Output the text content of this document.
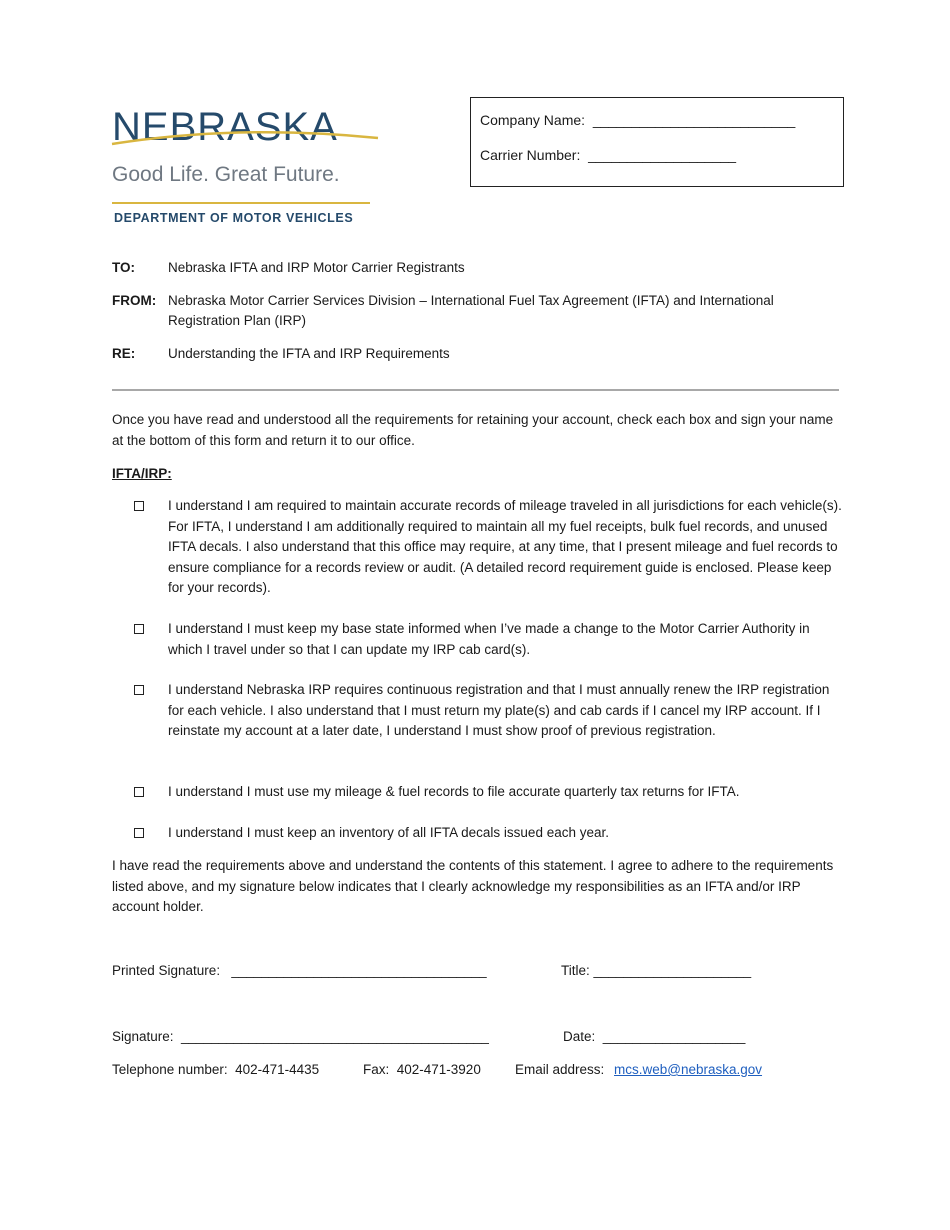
NEBRASKA
Good Life. Great Future.
DEPARTMENT OF MOTOR VEHICLES
Company Name:  __________________________
Carrier Number:  ___________________
TO: Nebraska IFTA and IRP Motor Carrier Registrants
FROM: Nebraska Motor Carrier Services Division – International Fuel Tax Agreement (IFTA) and International Registration Plan (IRP)
RE: Understanding the IFTA and IRP Requirements
Once you have read and understood all the requirements for retaining your account, check each box and sign your name at the bottom of this form and return it to our office.
IFTA/IRP:
I understand I am required to maintain accurate records of mileage traveled in all jurisdictions for each vehicle(s). For IFTA, I understand I am additionally required to maintain all my fuel receipts, bulk fuel records, and unused IFTA decals. I also understand that this office may require, at any time, that I present mileage and fuel records to ensure compliance for a records review or audit. (A detailed record requirement guide is enclosed. Please keep for your records).
I understand I must keep my base state informed when I’ve made a change to the Motor Carrier Authority in which I travel under so that I can update my IRP cab card(s).
I understand Nebraska IRP requires continuous registration and that I must annually renew the IRP registration for each vehicle. I also understand that I must return my plate(s) and cab cards if I cancel my IRP account. If I reinstate my account at a later date, I understand I must show proof of previous registration.
I understand I must use my mileage & fuel records to file accurate quarterly tax returns for IFTA.
I understand I must keep an inventory of all IFTA decals issued each year.
I have read the requirements above and understand the contents of this statement. I agree to adhere to the requirements listed above, and my signature below indicates that I clearly acknowledge my responsibilities as an IFTA and/or IRP account holder.
Printed Signature:   __________________________________	Title: _____________________
Signature:  _________________________________________	Date:  ___________________
Telephone number:  402-471-4435	Fax:  402-471-3920	Email address: mcs.web@nebraska.gov
